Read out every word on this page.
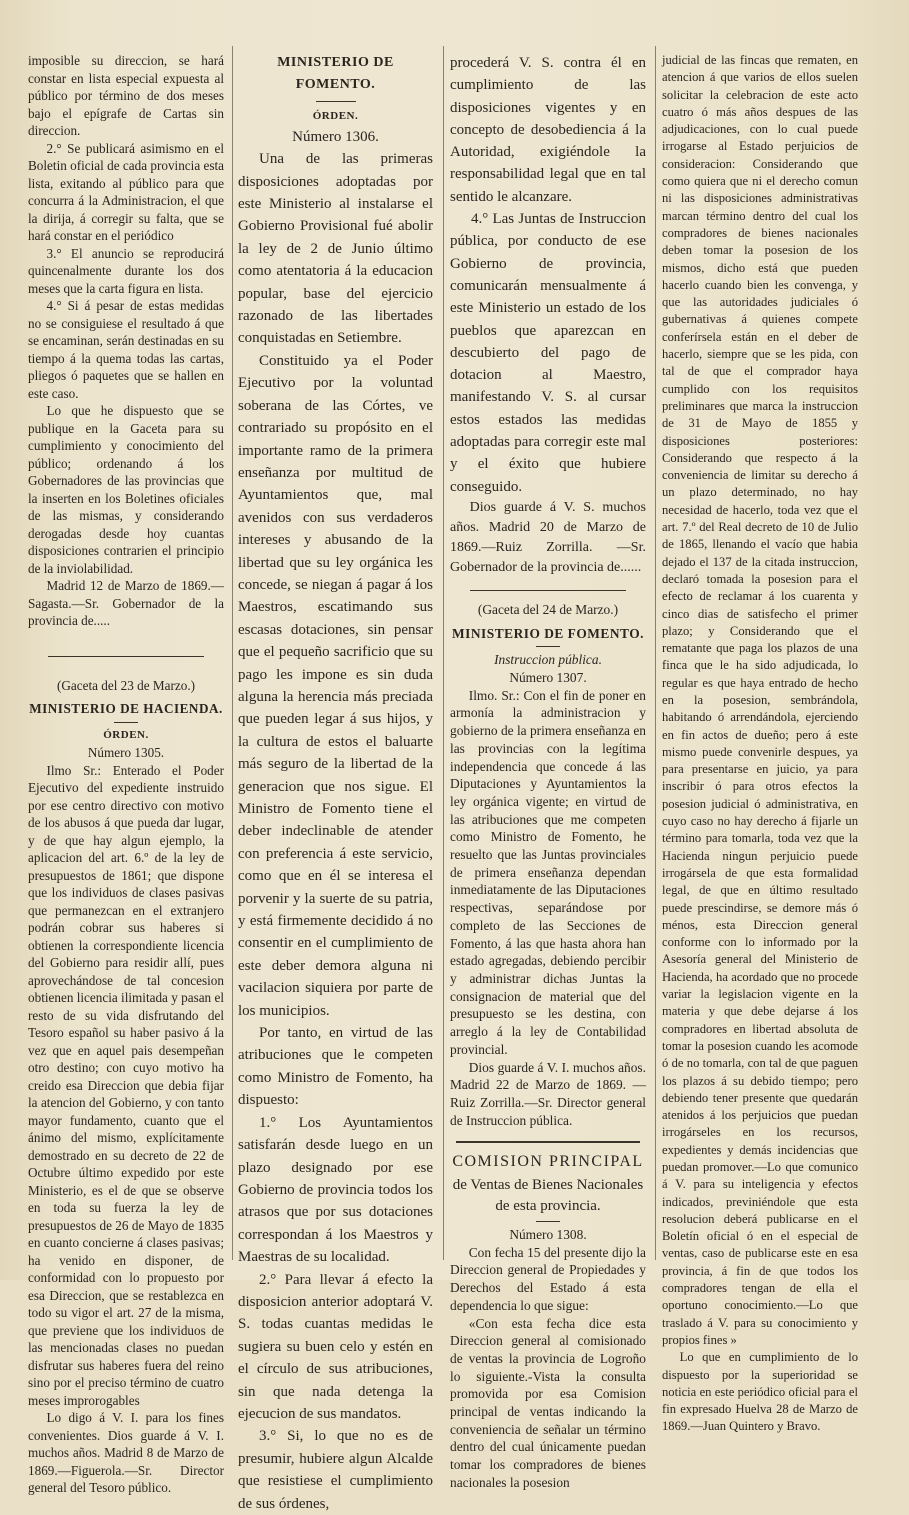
imposible su direccion, se hará constar en lista especial expuesta al público por término de dos meses bajo el epígrafe de Cartas sin direccion.

2.° Se publicará asimismo en el Boletin oficial de cada provincia esta lista, exitando al público para que concurra á la Administracion, el que la dirija, á corregir su falta, que se hará constar en el periódico

3.° El anuncio se reproducirá quincenalmente durante los dos meses que la carta figura en lista.

4.° Si á pesar de estas medidas no se consiguiese el resultado á que se encaminan, serán destinadas en su tiempo á la quema todas las cartas, pliegos ó paquetes que se hallen en este caso.

Lo que he dispuesto que se publique en la Gaceta para su cumplimiento y conocimiento del público; ordenando á los Gobernadores de las provincias que la inserten en los Boletines oficiales de las mismas, y considerando derogadas desde hoy cuantas disposiciones contrarien el principio de la inviolabilidad.

Madrid 12 de Marzo de 1869.—Sagasta.—Sr. Gobernador de la provincia de.....

(Gaceta del 23 de Marzo.)

MINISTERIO DE HACIENDA.

ÓRDEN.

Número 1305.

Ilmo Sr.: Enterado el Poder Ejecutivo del expediente instruido por ese centro directivo con motivo de los abusos á que pueda dar lugar, y de que hay algun ejemplo, la aplicacion del art. 6.º de la ley de presupuestos de 1861; que dispone que los individuos de clases pasivas que permanezcan en el extranjero podrán cobrar sus haberes si obtienen la correspondiente licencia del Gobierno para residir allí, pues aprovechándose de tal concesion obtienen licencia ilimitada y pasan el resto de su vida disfrutando del Tesoro español su haber pasivo á la vez que en aquel pais desempeñan otro destino; con cuyo motivo ha creido esa Direccion que debia fijar la atencion del Gobierno, y con tanto mayor fundamento, cuanto que el ánimo del mismo, explícitamente demostrado en su decreto de 22 de Octubre último expedido por este Ministerio, es el de que se observe en toda su fuerza la ley de presupuestos de 26 de Mayo de 1835 en cuanto concierne á clases pasivas; ha venido en disponer, de conformidad con lo propuesto por esa Direccion, que se restablezca en todo su vigor el art. 27 de la misma, que previene que los individuos de las mencionadas clases no puedan disfrutar sus haberes fuera del reino sino por el preciso término de cuatro meses improrogables

Lo digo á V. I. para los fines convenientes. Dios guarde á V. I. muchos años. Madrid 8 de Marzo de 1869.—Figuerola.—Sr. Director general del Tesoro público.

MINISTERIO DE FOMENTO.

ÓRDEN.

Número 1306.

Una de las primeras disposiciones adoptadas por este Ministerio al instalarse el Gobierno Provisional fué abolir la ley de 2 de Junio último como atentatoria á la educacion popular, base del ejercicio razonado de las libertades conquistadas en Setiembre.

Constituido ya el Poder Ejecutivo por la voluntad soberana de las Córtes, ve contrariado su propósito en el importante ramo de la primera enseñanza por multitud de Ayuntamientos que, mal avenidos con sus verdaderos intereses y abusando de la libertad que su ley orgánica les concede, se niegan á pagar á los Maestros, escatimando sus escasas dotaciones, sin pensar que el pequeño sacrificio que su pago les impone es sin duda alguna la herencia más preciada que pueden legar á sus hijos, y la cultura de estos el baluarte más seguro de la libertad de la generacion que nos sigue. El Ministro de Fomento tiene el deber indeclinable de atender con preferencia á este servicio, como que en él se interesa el porvenir y la suerte de su patria, y está firmemente decidido á no consentir en el cumplimiento de este deber demora alguna ni vacilacion siquiera por parte de los municipios.

Por tanto, en virtud de las atribuciones que le competen como Ministro de Fomento, ha dispuesto:

1.° Los Ayuntamientos satisfarán desde luego en un plazo designado por ese Gobierno de provincia todos los atrasos que por sus dotaciones correspondan á los Maestros y Maestras de su localidad.

2.° Para llevar á efecto la disposicion anterior adoptará V. S. todas cuantas medidas le sugiera su buen celo y estén en el círculo de sus atribuciones, sin que nada detenga la ejecucion de sus mandatos.

3.° Si, lo que no es de presumir, hubiere algun Alcalde que resistiese el cumplimiento de sus órdenes,

procederá V. S. contra él en cumplimiento de las disposiciones vigentes y en concepto de desobediencia á la Autoridad, exigiéndole la responsabilidad legal que en tal sentido le alcanzare.

4.° Las Juntas de Instruccion pública, por conducto de ese Gobierno de provincia, comunicarán mensualmente á este Ministerio un estado de los pueblos que aparezcan en descubierto del pago de dotacion al Maestro, manifestando V. S. al cursar estos estados las medidas adoptadas para corregir este mal y el éxito que hubiere conseguido.

Dios guarde á V. S. muchos años. Madrid 20 de Marzo de 1869.—Ruiz Zorrilla. —Sr. Gobernador de la provincia de......

(Gaceta del 24 de Marzo.)

MINISTERIO DE FOMENTO.

Instruccion pública.

Número 1307.

Ilmo. Sr.: Con el fin de poner en armonía la administracion y gobierno de la primera enseñanza en las provincias con la legítima independencia que concede á las Diputaciones y Ayuntamientos la ley orgánica vigente; en virtud de las atribuciones que me competen como Ministro de Fomento, he resuelto que las Juntas provinciales de primera enseñanza dependan inmediatamente de las Diputaciones respectivas, separándose por completo de las Secciones de Fomento, á las que hasta ahora han estado agregadas, debiendo percibir y administrar dichas Juntas la consignacion de material que del presupuesto se les destina, con arreglo á la ley de Contabilidad provincial.

Dios guarde á V. I. muchos años. Madrid 22 de Marzo de 1869. —Ruiz Zorrilla.—Sr. Director general de Instruccion pública.

COMISION PRINCIPAL

de Ventas de Bienes Nacionales de esta provincia.

Número 1308.

Con fecha 15 del presente dijo la Direccion general de Propiedades y Derechos del Estado á esta dependencia lo que sigue:

«Con esta fecha dice esta Direccion general al comisionado de ventas la provincia de Logroño lo siguiente.-Vista la consulta promovida por esa Comision principal de ventas indicando la conveniencia de señalar un término dentro del cual únicamente puedan tomar los compradores de bienes nacionales la posesion

judicial de las fincas que rematen, en atencion á que varios de ellos suelen solicitar la celebracion de este acto cuatro ó más años despues de las adjudicaciones, con lo cual puede irrogarse al Estado perjuicios de consideracion: Considerando que como quiera que ni el derecho comun ni las disposiciones administrativas marcan término dentro del cual los compradores de bienes nacionales deben tomar la posesion de los mismos, dicho está que pueden hacerlo cuando bien les convenga, y que las autoridades judiciales ó gubernativas á quienes compete conferírsela están en el deber de hacerlo, siempre que se les pida, con tal de que el comprador haya cumplido con los requisitos preliminares que marca la instruccion de 31 de Mayo de 1855 y disposiciones posteriores: Considerando que respecto á la conveniencia de limitar su derecho á un plazo determinado, no hay necesidad de hacerlo, toda vez que el art. 7.º del Real decreto de 10 de Julio de 1865, llenando el vacío que habia dejado el 137 de la citada instruccion, declaró tomada la posesion para el efecto de reclamar á los cuarenta y cinco dias de satisfecho el primer plazo; y Considerando que el rematante que paga los plazos de una finca que le ha sido adjudicada, lo regular es que haya entrado de hecho en la posesion, sembrándola, habitando ó arrendándola, ejerciendo en fin actos de dueño; pero á este mismo puede convenirle despues, ya para presentarse en juicio, ya para inscribir ó para otros efectos la posesion judicial ó administrativa, en cuyo caso no hay derecho á fijarle un término para tomarla, toda vez que la Hacienda ningun perjuicio puede irrogársela de que esta formalidad legal, de que en último resultado puede prescindirse, se demore más ó ménos, esta Direccion general conforme con lo informado por la Asesoría general del Ministerio de Hacienda, ha acordado que no procede variar la legislacion vigente en la materia y que debe dejarse á los compradores en libertad absoluta de tomar la posesion cuando les acomode ó de no tomarla, con tal de que paguen los plazos á su debido tiempo; pero debiendo tener presente que quedarán atenidos á los perjuicios que puedan irrogárseles en los recursos, expedientes y demás incidencias que puedan promover.—Lo que comunico á V. para su inteligencia y efectos indicados, previniéndole que esta resolucion deberá publicarse en el Boletín oficial ó en el especial de ventas, caso de publicarse este en esa provincia, á fin de que todos los compradores tengan de ella el oportuno conocimiento.—Lo que traslado á V. para su conocimiento y propios fines »

Lo que en cumplimiento de lo dispuesto por la superioridad se noticia en este periódico oficial para el fin expresado Huelva 28 de Marzo de 1869.—Juan Quintero y Bravo.
